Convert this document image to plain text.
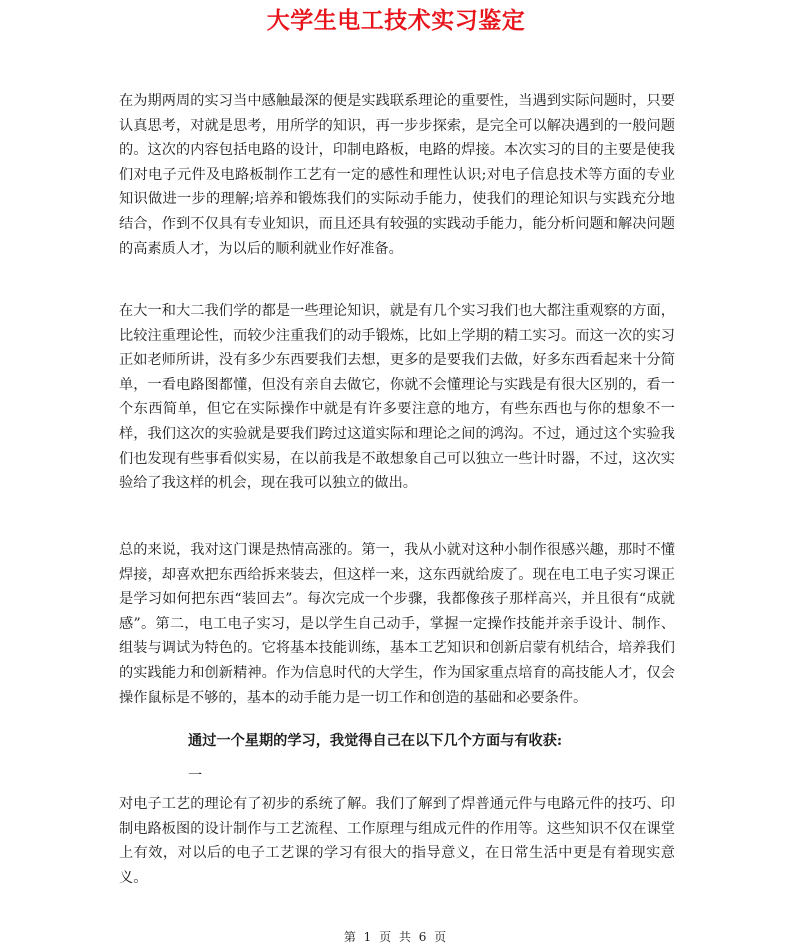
大学生电工技术实习鉴定

在为期两周的实习当中感触最深的便是实践联系理论的重要性，当遇到实际问题时，只要认真思考，对就是思考，用所学的知识，再一步步探索，是完全可以解决遇到的一般问题的。这次的内容包括电路的设计，印制电路板，电路的焊接。本次实习的目的主要是使我们对电子元件及电路板制作工艺有一定的感性和理性认识;对电子信息技术等方面的专业知识做进一步的理解;培养和锻炼我们的实际动手能力，使我们的理论知识与实践充分地结合，作到不仅具有专业知识，而且还具有较强的实践动手能力，能分析问题和解决问题的高素质人才，为以后的顺利就业作好准备。

在大一和大二我们学的都是一些理论知识，就是有几个实习我们也大都注重观察的方面，比较注重理论性，而较少注重我们的动手锻炼，比如上学期的精工实习。而这一次的实习正如老师所讲，没有多少东西要我们去想，更多的是要我们去做，好多东西看起来十分简单，一看电路图都懂，但没有亲自去做它，你就不会懂理论与实践是有很大区别的，看一个东西简单，但它在实际操作中就是有许多要注意的地方，有些东西也与你的想象不一样，我们这次的实验就是要我们跨过这道实际和理论之间的鸿沟。不过，通过这个实验我们也发现有些事看似实易，在以前我是不敢想象自己可以独立一些计时器，不过，这次实验给了我这样的机会，现在我可以独立的做出。

总的来说，我对这门课是热情高涨的。第一，我从小就对这种小制作很感兴趣，那时不懂焊接，却喜欢把东西给拆来装去，但这样一来，这东西就给废了。现在电工电子实习课正是学习如何把东西“装回去”。每次完成一个步骤，我都像孩子那样高兴，并且很有“成就感”。第二，电工电子实习，是以学生自己动手，掌握一定操作技能并亲手设计、制作、组装与调试为特色的。它将基本技能训练，基本工艺知识和创新启蒙有机结合，培养我们的实践能力和创新精神。作为信息时代的大学生，作为国家重点培育的高技能人才，仅会操作鼠标是不够的，基本的动手能力是一切工作和创造的基础和必要条件。

通过一个星期的学习，我觉得自己在以下几个方面与有收获:
一

对电子工艺的理论有了初步的系统了解。我们了解到了焊普通元件与电路元件的技巧、印制电路板图的设计制作与工艺流程、工作原理与组成元件的作用等。这些知识不仅在课堂上有效，对以后的电子工艺课的学习有很大的指导意义，在日常生活中更是有着现实意义。

第 1 页 共 6 页
